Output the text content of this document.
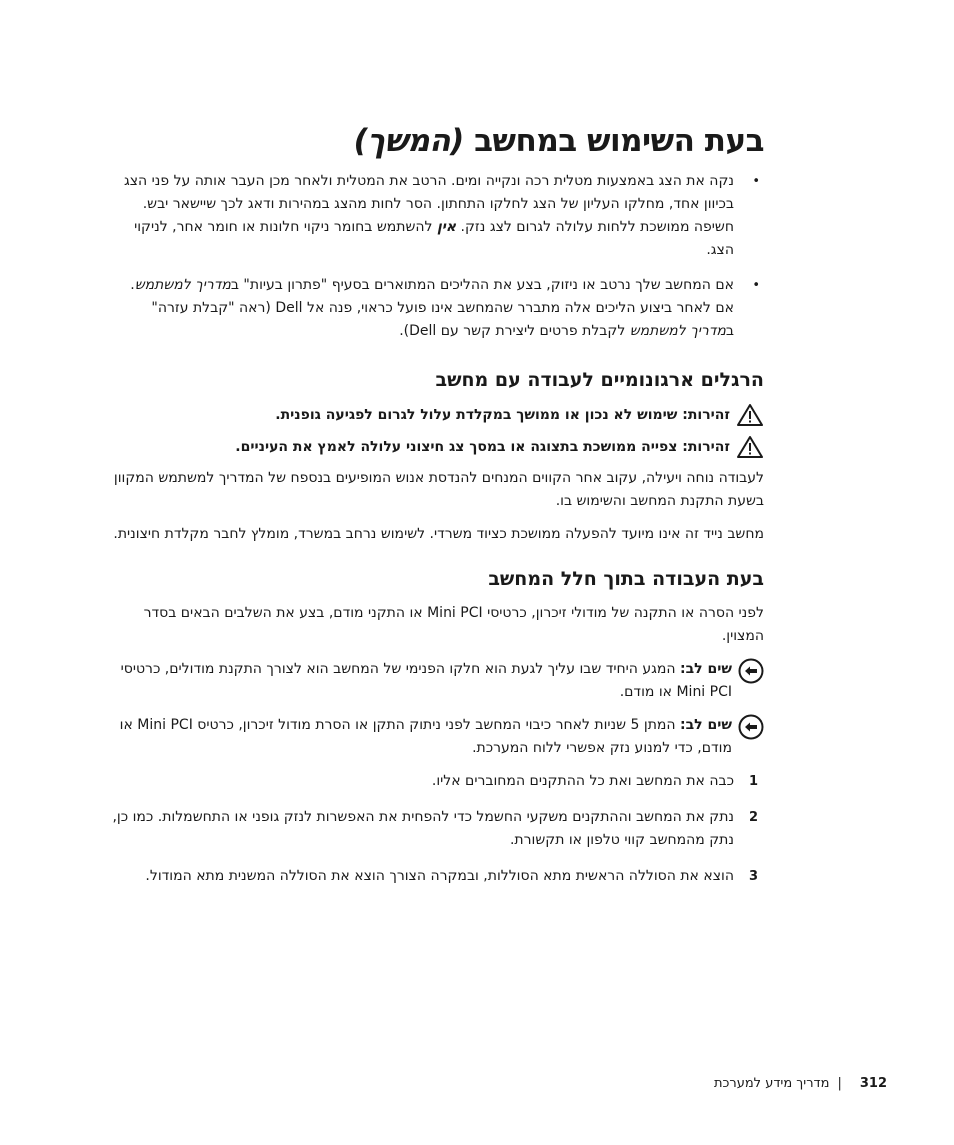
בעת השימוש במחשב (המשך)
• נקה את הצג באמצעות מטלית רכה ונקייה ומים. הרטב את המטלית ולאחר מכן העבר אותה על פני הצג בכיוון אחד, מחלקו העליון של הצג לחלקו התחתון. הסר לחות מהצג במהירות ודאג לכך שיישאר יבש. חשיפה ממושכת ללחות עלולה לגרום לצג נזק. אין להשתמש בחומר ניקוי חלונות או חומר אחר, לניקוי הצג.
• אם המחשב שלך נרטב או ניזוק, בצע את ההליכים המתוארים בסעיף "פתרון בעיות" במדריך למשתמש. אם לאחר ביצוע הליכים אלה מתברר שהמחשב אינו פועל כראוי, פנה אל Dell (ראה "קבלת עזרה" במדריך למשתמש לקבלת פרטים ליצירת קשר עם Dell).
הרגלים ארגונומיים לעבודה עם מחשב
זהירות: שימוש לא נכון או ממושך במקלדת עלול לגרום לפגיעה גופנית.
זהירות: צפייה ממושכת בתצוגה או במסך צג חיצוני עלולה לאמץ את העיניים.

לעבודה נוחה ויעילה, עקוב אחר הקווים המנחים להנדסת אנוש המופיעים בנספח של המדריך למשתמש המקוון בשעת התקנת המחשב והשימוש בו.

מחשב נייד זה אינו מיועד להפעלה ממושכת כציוד משרדי. לשימוש נרחב במשרד, מומלץ לחבר מקלדת חיצונית.

בעת העבודה בתוך חלל המחשב

לפני הסרה או התקנה של מודולי זיכרון, כרטיסי Mini PCI או התקני מודם, בצע את השלבים הבאים בסדר המצוין.

שים לב: המגע היחיד שבו עליך לגעת הוא חלקו הפנימי של המחשב הוא לצורך התקנת מודולים, כרטיסי Mini PCI או מודם.
שים לב: המתן 5 שניות לאחר כיבוי המחשב לפני ניתוק התקן או הסרת מודול זיכרון, כרטיס Mini PCI או מודם, כדי למנוע נזק אפשרי ללוח המערכת.
1
כבה את המחשב ואת כל ההתקנים המחוברים אליו.
2
נתק את המחשב וההתקנים משקעי החשמל כדי להפחית את האפשרות לנזק גופני או התחשמלות. כמו כן, נתק מהמחשב קווי טלפון או תקשורת.
3
הוצא את הסוללה הראשית מתא הסוללות, ובמקרה הצורך הוצא את הסוללה המשנית מתא המודול.
מדריך מידע למערכת | 312
